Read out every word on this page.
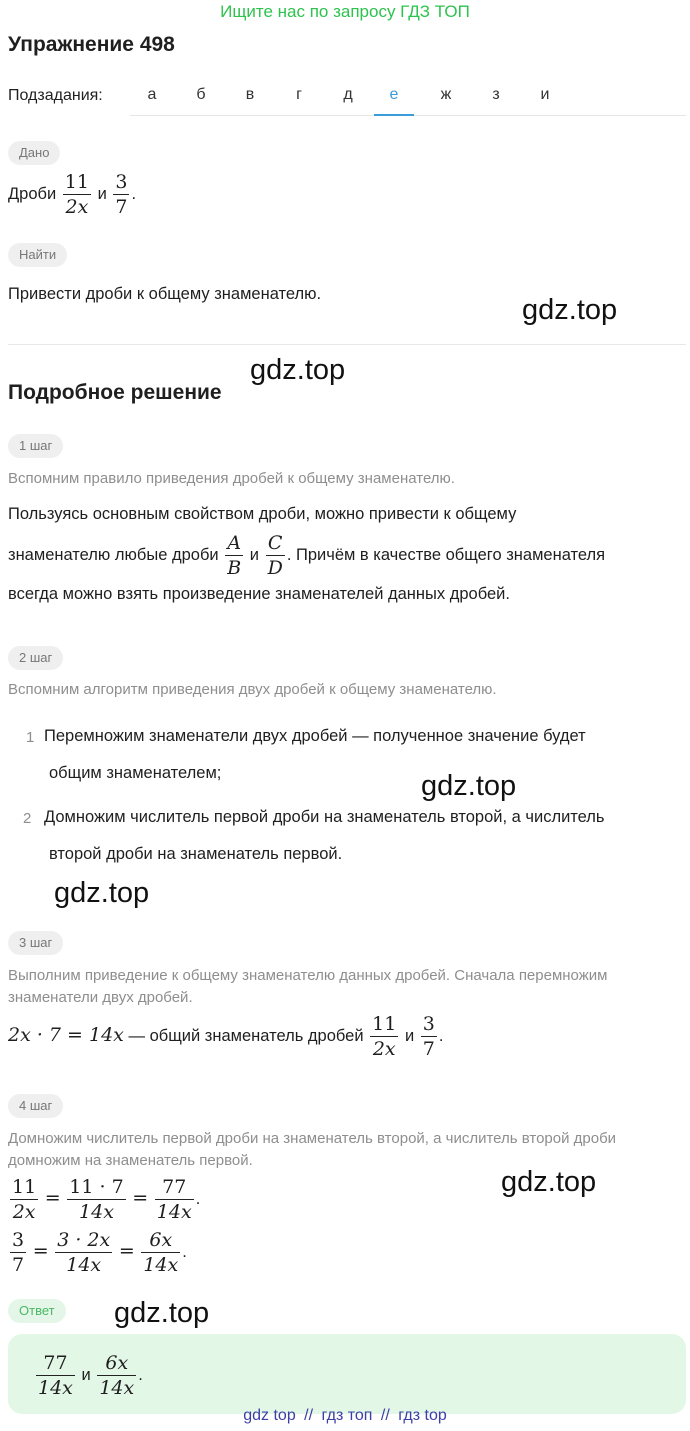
Ищите нас по запросу ГДЗ ТОП
Упражнение 498
Подзадания:	а	б	в	г	д	е	ж	з	и
Дано
Дроби $\frac{11}{2x}$ и $\frac{3}{7}$ .
Найти
Привести дроби к общему знаменателю.	gdz.top
gdz.top
Подробное решение
1 шаг
Вспомним правило приведения дробей к общему знаменателю.
Пользуясь основным свойством дроби, можно привести к общему
знаменателю любые дроби $\frac{A}{B}$ и $\frac{C}{D}$ . Причём в качестве общего знаменателя
всегда можно взять произведение знаменателей данных дробей.
2 шаг
Вспомним алгоритм приведения двух дробей к общему знаменателю.
1 Перемножим знаменатели двух дробей — полученное значение будет
общим знаменателем;	gdz.top
2 Домножим числитель первой дроби на знаменатель второй, а числитель
второй дроби на знаменатель первой.
gdz.top
3 шаг
Выполним приведение к общему знаменателю данных дробей. Сначала перемножим
знаменатели двух дробей.
2x · 7 = 14x — общий знаменатель дробей $\frac{11}{2x}$ и $\frac{3}{7}$ .
4 шаг
Домножим числитель первой дроби на знаменатель второй, а числитель второй дроби
домножим на знаменатель первой.
gdz.top
$\frac{11}{2x} = \frac{11 \cdot 7}{14x} = \frac{77}{14x}$ .
$\frac{3}{7} = \frac{3 \cdot 2x}{14x} = \frac{6x}{14x}$ .
Ответ	gdz.top
$\frac{77}{14x}$ и $\frac{6x}{14x}$ .
gdz top // гдз топ // гдз top
